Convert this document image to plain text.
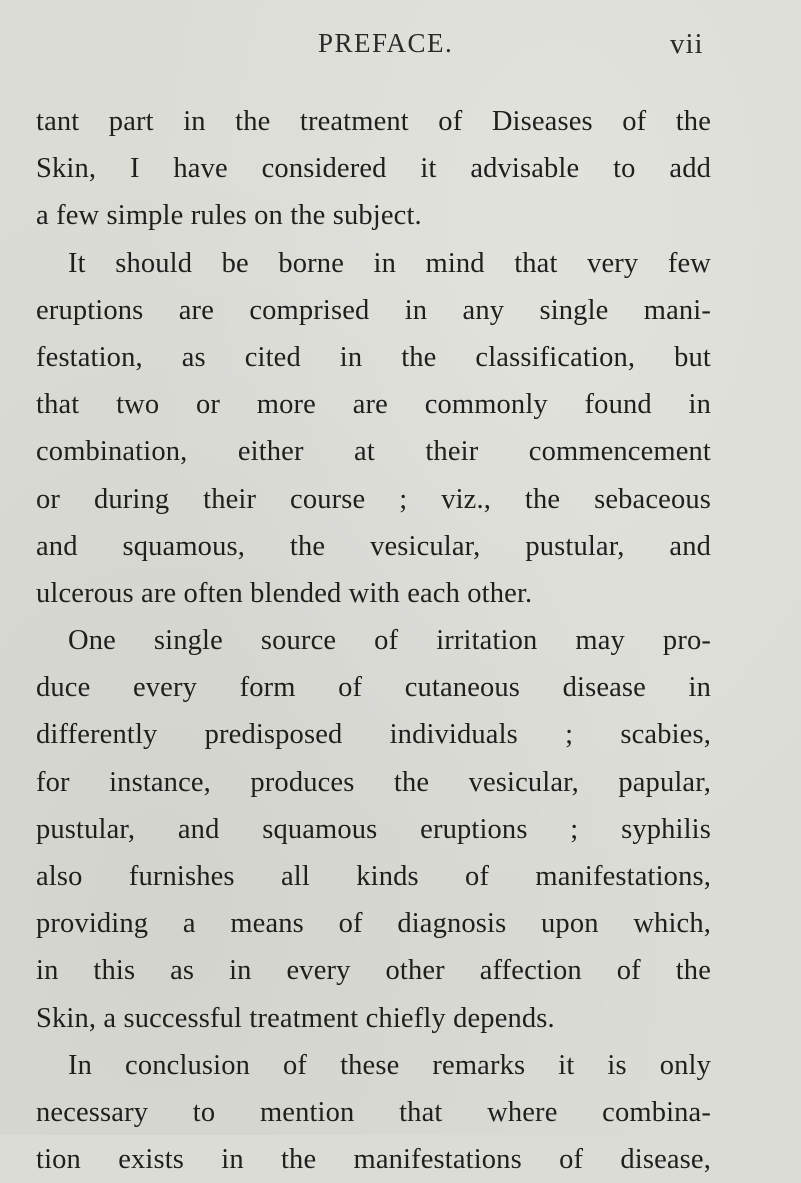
PREFACE.	vii
tant part in the treatment of Diseases of the
Skin, I have considered it advisable to add
a few simple rules on the subject.
It should be borne in mind that very few
eruptions are comprised in any single mani-
festation, as cited in the classification, but
that two or more are commonly found in
combination, either at their commencement
or during their course ; viz., the sebaceous
and squamous, the vesicular, pustular, and
ulcerous are often blended with each other.
One single source of irritation may pro-
duce every form of cutaneous disease in
differently predisposed individuals ; scabies,
for instance, produces the vesicular, papular,
pustular, and squamous eruptions ; syphilis
also furnishes all kinds of manifestations,
providing a means of diagnosis upon which,
in this as in every other affection of the
Skin, a successful treatment chiefly depends.
In conclusion of these remarks it is only
necessary to mention that where combina-
tion exists in the manifestations of disease,
